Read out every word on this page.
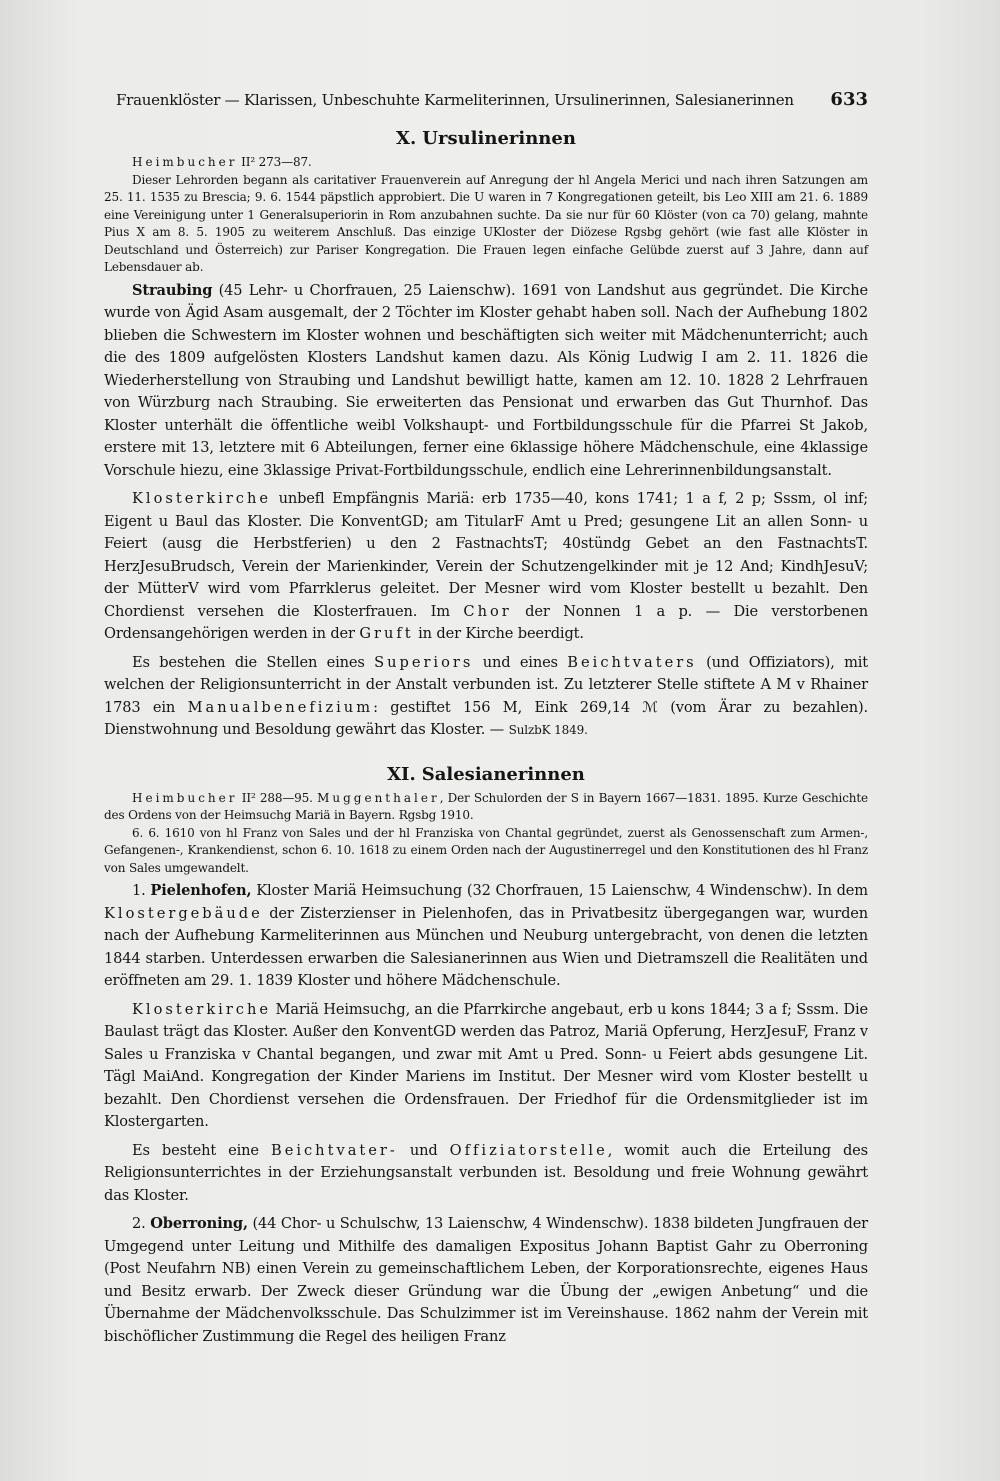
Frauenklöster — Klarissen, Unbeschuhte Karmeliterinnen, Ursulinerinnen, Salesianerinnen 633
X. Ursulinerinnen

Heimbucher II² 273—87.

Dieser Lehrorden begann als caritativer Frauenverein auf Anregung der hl Angela Merici und nach ihren Satzungen am 25. 11. 1535 zu Brescia; 9. 6. 1544 päpstlich approbiert. Die U waren in 7 Kongregationen geteilt, bis Leo XIII am 21. 6. 1889 eine Vereinigung unter 1 Generalsuperiorin in Rom anzubahnen suchte. Da sie nur für 60 Klöster (von ca 70) gelang, mahnte Pius X am 8. 5. 1905 zu weiterem Anschluß. Das einzige UKloster der Diözese Rgsbg gehört (wie fast alle Klöster in Deutschland und Österreich) zur Pariser Kongregation. Die Frauen legen einfache Gelübde zuerst auf 3 Jahre, dann auf Lebensdauer ab.

Straubing (45 Lehr- u Chorfrauen, 25 Laienschw). 1691 von Landshut aus gegründet. Die Kirche wurde von Ägid Asam ausgemalt, der 2 Töchter im Kloster gehabt haben soll. Nach der Aufhebung 1802 blieben die Schwestern im Kloster wohnen und beschäftigten sich weiter mit Mädchenunterricht; auch die des 1809 aufgelösten Klosters Landshut kamen dazu. Als König Ludwig I am 2. 11. 1826 die Wiederherstellung von Straubing und Landshut bewilligt hatte, kamen am 12. 10. 1828 2 Lehrfrauen von Würzburg nach Straubing. Sie erweiterten das Pensionat und erwarben das Gut Thurnhof. Das Kloster unterhält die öffentliche weibl Volkshaupt- und Fortbildungsschule für die Pfarrei St Jakob, erstere mit 13, letztere mit 6 Abteilungen, ferner eine 6klassige höhere Mädchenschule, eine 4klassige Vorschule hiezu, eine 3klassige Privat-Fortbildungsschule, endlich eine Lehrerinnenbildungsanstalt.

Klosterkirche unbefl Empfängnis Mariä: erb 1735—40, kons 1741; 1 a f, 2 p; Sssm, ol inf; Eigent u Baul das Kloster. Die KonventGD; am TitularF Amt u Pred; gesungene Lit an allen Sonn- u Feiert (ausg die Herbstferien) u den 2 FastnachtsT; 40stündg Gebet an den FastnachtsT. HerzJesuBrudsch, Verein der Marienkinder, Verein der Schutzengelkinder mit je 12 And; KindhJesuV; der MütterV wird vom Pfarrklerus geleitet. Der Mesner wird vom Kloster bestellt u bezahlt. Den Chordienst versehen die Klosterfrauen. Im Chor der Nonnen 1 a p. — Die verstorbenen Ordensangehörigen werden in der Gruft in der Kirche beerdigt.

Es bestehen die Stellen eines Superiors und eines Beichtvaters (und Offiziators), mit welchen der Religionsunterricht in der Anstalt verbunden ist. Zu letzterer Stelle stiftete A M v Rhainer 1783 ein Manualbenefizium: gestiftet 156 M, Eink 269,14 ℳ (vom Ärar zu bezahlen). Dienstwohnung und Besoldung gewährt das Kloster. — SulzbK 1849.

XI. Salesianerinnen

Heimbucher II² 288—95. Muggenthaler, Der Schulorden der S in Bayern 1667—1831. 1895. Kurze Geschichte des Ordens von der Heimsuchg Mariä in Bayern. Rgsbg 1910.

6. 6. 1610 von hl Franz von Sales und der hl Franziska von Chantal gegründet, zuerst als Genossenschaft zum Armen-, Gefangenen-, Krankendienst, schon 6. 10. 1618 zu einem Orden nach der Augustinerregel und den Konstitutionen des hl Franz von Sales umgewandelt.

1. Pielenhofen, Kloster Mariä Heimsuchung (32 Chorfrauen, 15 Laienschw, 4 Windenschw). In dem Klostergebäude der Zisterzienser in Pielenhofen, das in Privatbesitz übergegangen war, wurden nach der Aufhebung Karmeliterinnen aus München und Neuburg untergebracht, von denen die letzten 1844 starben. Unterdessen erwarben die Salesianerinnen aus Wien und Dietramszell die Realitäten und eröffneten am 29. 1. 1839 Kloster und höhere Mädchenschule.

Klosterkirche Mariä Heimsuchg, an die Pfarrkirche angebaut, erb u kons 1844; 3 a f; Sssm. Die Baulast trägt das Kloster. Außer den KonventGD werden das Patroz, Mariä Opferung, HerzJesuF, Franz v Sales u Franziska v Chantal begangen, und zwar mit Amt u Pred. Sonn- u Feiert abds gesungene Lit. Tägl MaiAnd. Kongregation der Kinder Mariens im Institut. Der Mesner wird vom Kloster bestellt u bezahlt. Den Chordienst versehen die Ordensfrauen. Der Friedhof für die Ordensmitglieder ist im Klostergarten.

Es besteht eine Beichtvater- und Offiziatorstelle, womit auch die Erteilung des Religionsunterrichtes in der Erziehungsanstalt verbunden ist. Besoldung und freie Wohnung gewährt das Kloster.

2. Oberroning, (44 Chor- u Schulschw, 13 Laienschw, 4 Windenschw). 1838 bildeten Jungfrauen der Umgegend unter Leitung und Mithilfe des damaligen Expositus Johann Baptist Gahr zu Oberroning (Post Neufahrn NB) einen Verein zu gemeinschaftlichem Leben, der Korporationsrechte, eigenes Haus und Besitz erwarb. Der Zweck dieser Gründung war die Übung der „ewigen Anbetung“ und die Übernahme der Mädchenvolksschule. Das Schulzimmer ist im Vereinshause. 1862 nahm der Verein mit bischöflicher Zustimmung die Regel des heiligen Franz
